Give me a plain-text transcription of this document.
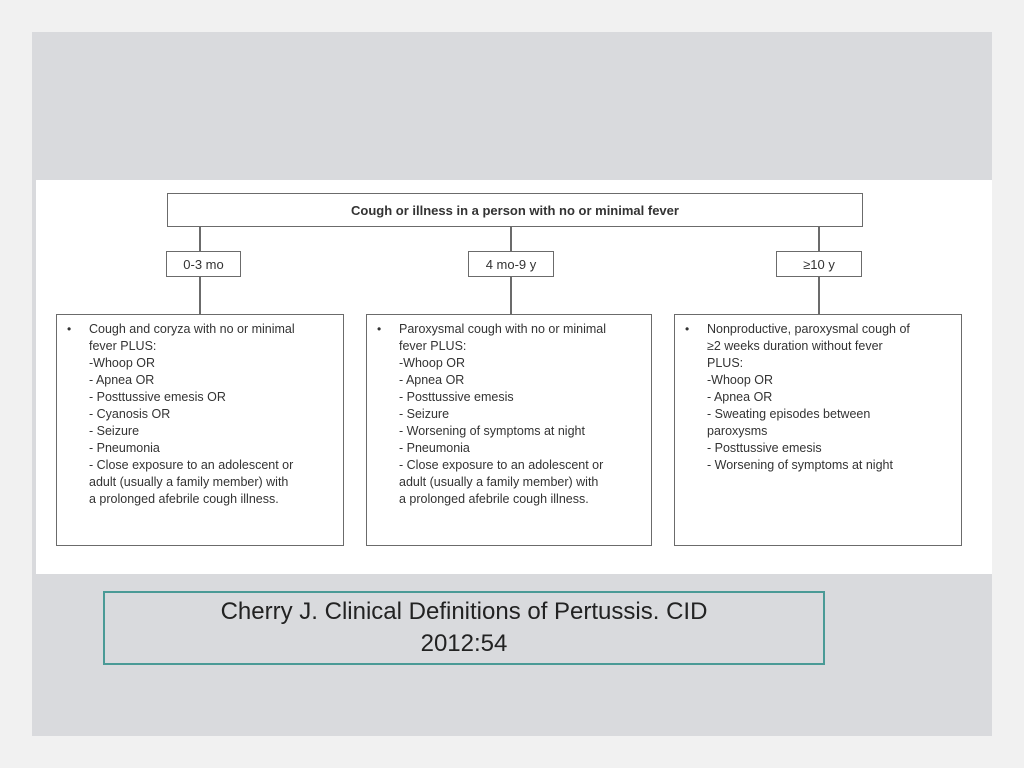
Cough or illness in a person with no or minimal fever
0-3 mo	4 mo-9 y	≥10 y
• Cough and coryza with no or minimal
fever PLUS:
-Whoop OR
- Apnea OR
- Posttussive emesis OR
- Cyanosis OR
- Seizure
- Pneumonia
- Close exposure to an adolescent or
adult (usually a family member) with
a prolonged afebrile cough illness.
• Paroxysmal cough with no or minimal
fever PLUS:
-Whoop OR
- Apnea OR
- Posttussive emesis
- Seizure
- Worsening of symptoms at night
- Pneumonia
- Close exposure to an adolescent or
adult (usually a family member) with
a prolonged afebrile cough illness.
• Nonproductive, paroxysmal cough of
≥2 weeks duration without fever
PLUS:
-Whoop OR
- Apnea OR
- Sweating episodes between
paroxysms
- Posttussive emesis
- Worsening of symptoms at night
Cherry J. Clinical Definitions of Pertussis. CID
2012:54
